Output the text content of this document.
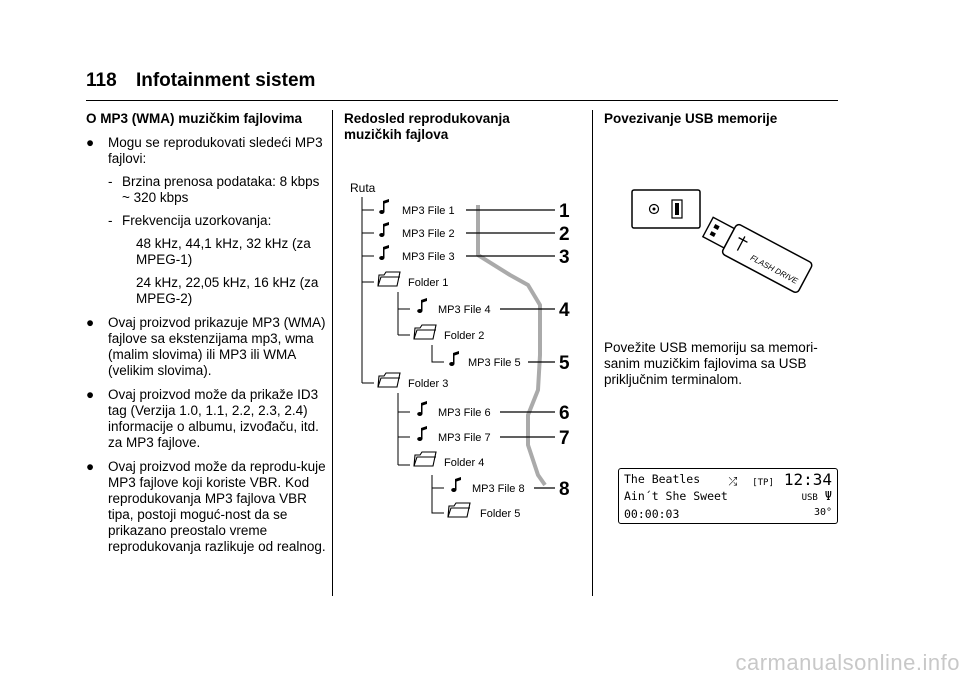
118 Infotainment sistem
O MP3 (WMA) muzičkim fajlovima
● Mogu se reprodukovati sledeći MP3 fajlovi:
- Brzina prenosa podataka: 8 kbps ~ 320 kbps
- Frekvencija uzorkovanja:
48 kHz, 44,1 kHz, 32 kHz (za MPEG-1)
24 kHz, 22,05 kHz, 16 kHz (za MPEG-2)
● Ovaj proizvod prikazuje MP3 (WMA) fajlove sa ekstenzijama mp3, wma (malim slovima) ili MP3 ili WMA (velikim slovima).
● Ovaj proizvod može da prikaže ID3 tag (Verzija 1.0, 1.1, 2.2, 2.3, 2.4) informacije o albumu, izvođaču, itd. za MP3 fajlove.
● Ovaj proizvod može da reprodu-kuje MP3 fajlove koji koriste VBR. Kod reprodukovanja MP3 fajlova VBR tipa, postoji moguć-nost da se prikazano preostalo vreme reprodukovanja razlikuje od realnog.
Redosled reprodukovanja muzičkih fajlova
Ruta
MP3 File 1
MP3 File 2
MP3 File 3
Folder 1
MP3 File 4
Folder 2
MP3 File 5
Folder 3
MP3 File 6
MP3 File 7
Folder 4
MP3 File 8
Folder 5
1
2
3
4
5
6
7
8
Povezivanje USB memorije
FLASH DRIVE
Povežite USB memoriju sa memori-sanim muzičkim fajlovima sa USB priključnim terminalom.
The Beatles	⤮ [TP] 12:34
Ain´t She Sweet	USB Ψ
00:00:03	30°
carmanualsonline.info
